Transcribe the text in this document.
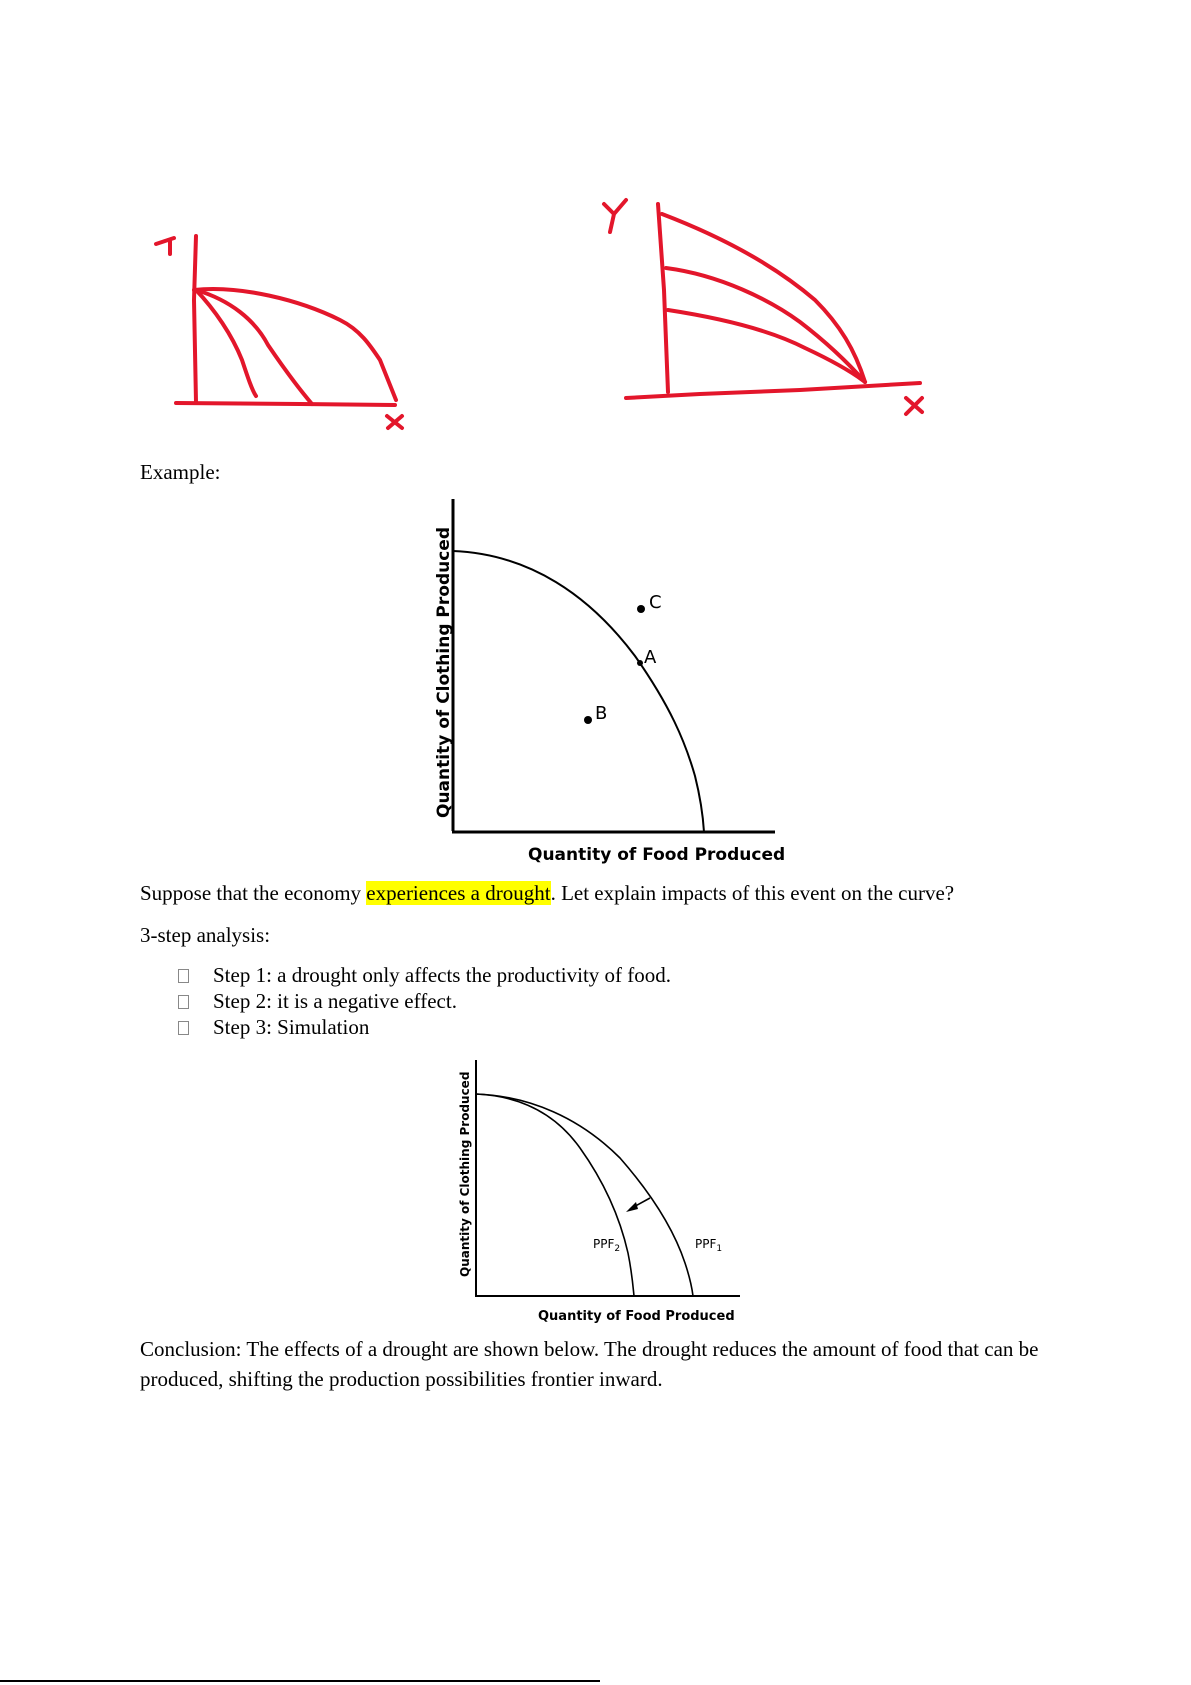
Example:
C
A
B
Quantity of Food Produced
Quantity of Clothing Produced
Suppose that the economy experiences a drought. Let explain impacts of this event on the curve?
3-step analysis:
Step 1: a drought only affects the productivity of food.
Step 2: it is a negative effect.
Step 3: Simulation
$PPF_2$	$PPF_1$
Quantity of Food Produced
Quantity of Clothing Produced
Conclusion: The effects of a drought are shown below. The drought reduces the amount of food that can be produced, shifting the production possibilities frontier inward.
